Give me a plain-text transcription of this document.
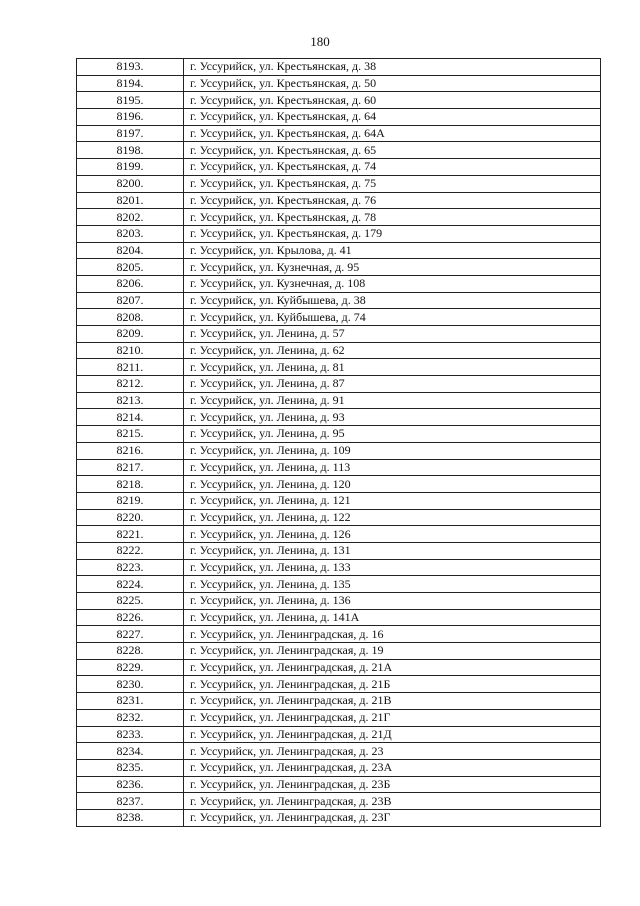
180
8193.	г. Уссурийск, ул. Крестьянская, д. 38
8194.	г. Уссурийск, ул. Крестьянская, д. 50
8195.	г. Уссурийск, ул. Крестьянская, д. 60
8196.	г. Уссурийск, ул. Крестьянская, д. 64
8197.	г. Уссурийск, ул. Крестьянская, д. 64А
8198.	г. Уссурийск, ул. Крестьянская, д. 65
8199.	г. Уссурийск, ул. Крестьянская, д. 74
8200.	г. Уссурийск, ул. Крестьянская, д. 75
8201.	г. Уссурийск, ул. Крестьянская, д. 76
8202.	г. Уссурийск, ул. Крестьянская, д. 78
8203.	г. Уссурийск, ул. Крестьянская, д. 179
8204.	г. Уссурийск, ул. Крылова, д. 41
8205.	г. Уссурийск, ул. Кузнечная, д. 95
8206.	г. Уссурийск, ул. Кузнечная, д. 108
8207.	г. Уссурийск, ул. Куйбышева, д. 38
8208.	г. Уссурийск, ул. Куйбышева, д. 74
8209.	г. Уссурийск, ул. Ленина, д. 57
8210.	г. Уссурийск, ул. Ленина, д. 62
8211.	г. Уссурийск, ул. Ленина, д. 81
8212.	г. Уссурийск, ул. Ленина, д. 87
8213.	г. Уссурийск, ул. Ленина, д. 91
8214.	г. Уссурийск, ул. Ленина, д. 93
8215.	г. Уссурийск, ул. Ленина, д. 95
8216.	г. Уссурийск, ул. Ленина, д. 109
8217.	г. Уссурийск, ул. Ленина, д. 113
8218.	г. Уссурийск, ул. Ленина, д. 120
8219.	г. Уссурийск, ул. Ленина, д. 121
8220.	г. Уссурийск, ул. Ленина, д. 122
8221.	г. Уссурийск, ул. Ленина, д. 126
8222.	г. Уссурийск, ул. Ленина, д. 131
8223.	г. Уссурийск, ул. Ленина, д. 133
8224.	г. Уссурийск, ул. Ленина, д. 135
8225.	г. Уссурийск, ул. Ленина, д. 136
8226.	г. Уссурийск, ул. Ленина, д. 141А
8227.	г. Уссурийск, ул. Ленинградская, д. 16
8228.	г. Уссурийск, ул. Ленинградская, д. 19
8229.	г. Уссурийск, ул. Ленинградская, д. 21А
8230.	г. Уссурийск, ул. Ленинградская, д. 21Б
8231.	г. Уссурийск, ул. Ленинградская, д. 21В
8232.	г. Уссурийск, ул. Ленинградская, д. 21Г
8233.	г. Уссурийск, ул. Ленинградская, д. 21Д
8234.	г. Уссурийск, ул. Ленинградская, д. 23
8235.	г. Уссурийск, ул. Ленинградская, д. 23А
8236.	г. Уссурийск, ул. Ленинградская, д. 23Б
8237.	г. Уссурийск, ул. Ленинградская, д. 23В
8238.	г. Уссурийск, ул. Ленинградская, д. 23Г
